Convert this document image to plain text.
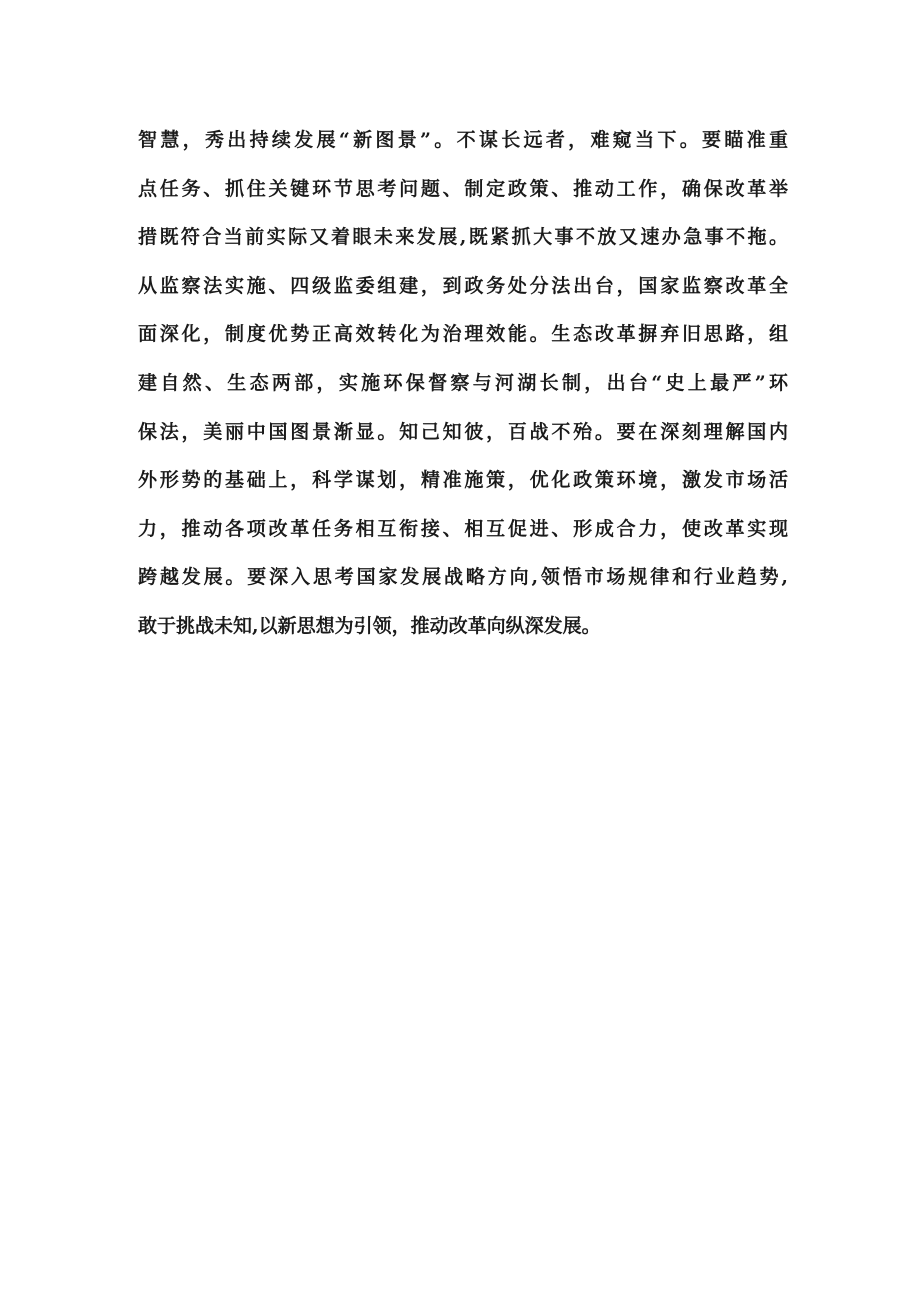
智慧，秀出持续发展“新图景”。不谋长远者，难窥当下。要瞄准重
点任务、抓住关键环节思考问题、制定政策、推动工作，确保改革举
措既符合当前实际又着眼未来发展,既紧抓大事不放又速办急事不拖。
从监察法实施、四级监委组建，到政务处分法出台，国家监察改革全
面深化，制度优势正高效转化为治理效能。生态改革摒弃旧思路，组
建自然、生态两部，实施环保督察与河湖长制，出台“史上最严”环
保法，美丽中国图景渐显。知己知彼，百战不殆。要在深刻理解国内
外形势的基础上，科学谋划，精准施策，优化政策环境，激发市场活
力，推动各项改革任务相互衔接、相互促进、形成合力，使改革实现
跨越发展。要深入思考国家发展战略方向,领悟市场规律和行业趋势,
敢于挑战未知,以新思想为引领，推动改革向纵深发展。
